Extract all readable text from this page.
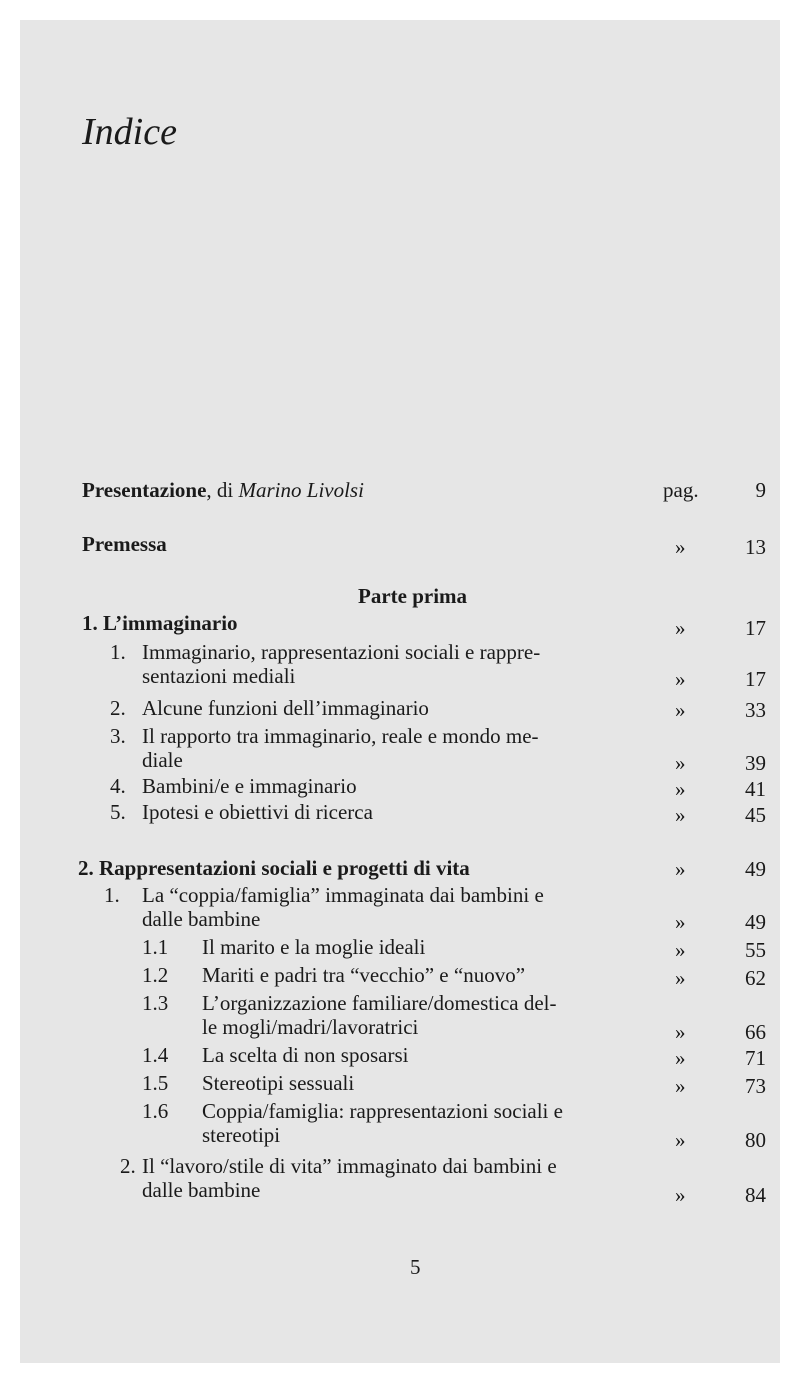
Indice
Presentazione, di Marino Livolsi	pag.	9
Premessa	»	13
Parte prima
1. L’immaginario	»	17
1. Immaginario, rappresentazioni sociali e rappre-
sentazioni mediali	»	17
2. Alcune funzioni dell’immaginario	»	33
3. Il rapporto tra immaginario, reale e mondo me-
diale	»	39
4. Bambini/e e immaginario	»	41
5. Ipotesi e obiettivi di ricerca	»	45
2. Rappresentazioni sociali e progetti di vita	»	49
1. La “coppia/famiglia” immaginata dai bambini e
dalle bambine	»	49
1.1 Il marito e la moglie ideali	»	55
1.2 Mariti e padri tra “vecchio” e “nuovo”	»	62
1.3 L’organizzazione familiare/domestica del-
le mogli/madri/lavoratrici	»	66
1.4 La scelta di non sposarsi	»	71
1.5 Stereotipi sessuali	»	73
1.6 Coppia/famiglia: rappresentazioni sociali e
stereotipi	»	80
2. Il “lavoro/stile di vita” immaginato dai bambini e
dalle bambine	»	84
5
